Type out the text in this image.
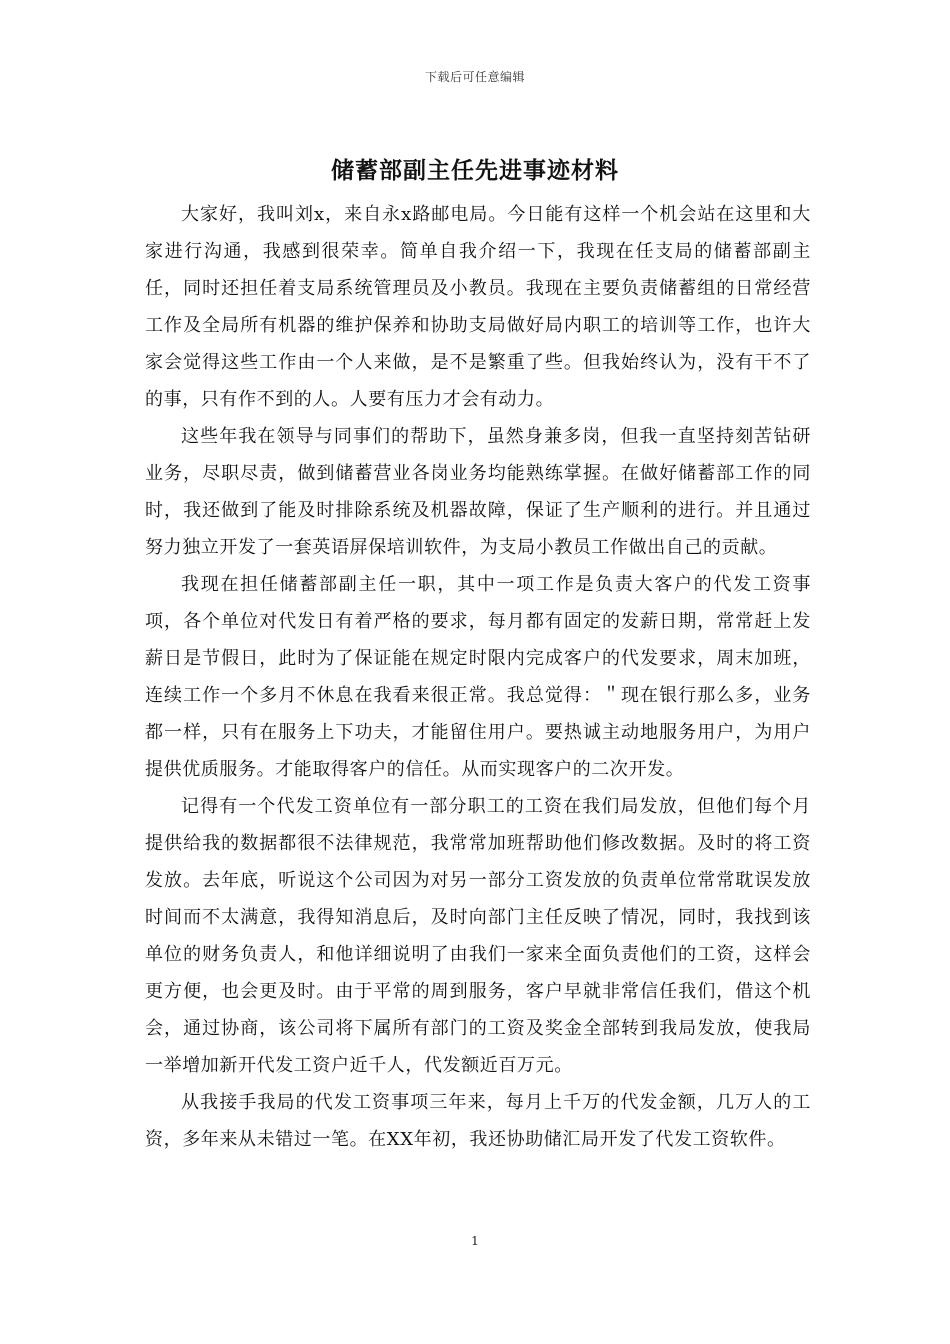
下载后可任意编辑
储蓄部副主任先进事迹材料

大家好，我叫刘x，来自永x路邮电局。今日能有这样一个机会站在这里和大家进行沟通，我感到很荣幸。简单自我介绍一下，我现在任支局的储蓄部副主任，同时还担任着支局系统管理员及小教员。我现在主要负责储蓄组的日常经营工作及全局所有机器的维护保养和协助支局做好局内职工的培训等工作，也许大家会觉得这些工作由一个人来做，是不是繁重了些。但我始终认为，没有干不了的事，只有作不到的人。人要有压力才会有动力。

这些年我在领导与同事们的帮助下，虽然身兼多岗，但我一直坚持刻苦钻研业务，尽职尽责，做到储蓄营业各岗业务均能熟练掌握。在做好储蓄部工作的同时，我还做到了能及时排除系统及机器故障，保证了生产顺利的进行。并且通过努力独立开发了一套英语屏保培训软件，为支局小教员工作做出自己的贡献。

我现在担任储蓄部副主任一职，其中一项工作是负责大客户的代发工资事项，各个单位对代发日有着严格的要求，每月都有固定的发薪日期，常常赶上发薪日是节假日，此时为了保证能在规定时限内完成客户的代发要求，周末加班，连续工作一个多月不休息在我看来很正常。我总觉得：＂现在银行那么多，业务都一样，只有在服务上下功夫，才能留住用户。要热诚主动地服务用户，为用户提供优质服务。才能取得客户的信任。从而实现客户的二次开发。

记得有一个代发工资单位有一部分职工的工资在我们局发放，但他们每个月提供给我的数据都很不法律规范，我常常加班帮助他们修改数据。及时的将工资发放。去年底，听说这个公司因为对另一部分工资发放的负责单位常常耽误发放时间而不太满意，我得知消息后，及时向部门主任反映了情况，同时，我找到该单位的财务负责人，和他详细说明了由我们一家来全面负责他们的工资，这样会更方便，也会更及时。由于平常的周到服务，客户早就非常信任我们，借这个机会，通过协商，该公司将下属所有部门的工资及奖金全部转到我局发放，使我局一举增加新开代发工资户近千人，代发额近百万元。

从我接手我局的代发工资事项三年来，每月上千万的代发金额，几万人的工资，多年来从未错过一笔。在XX年初，我还协助储汇局开发了代发工资软件。

1
